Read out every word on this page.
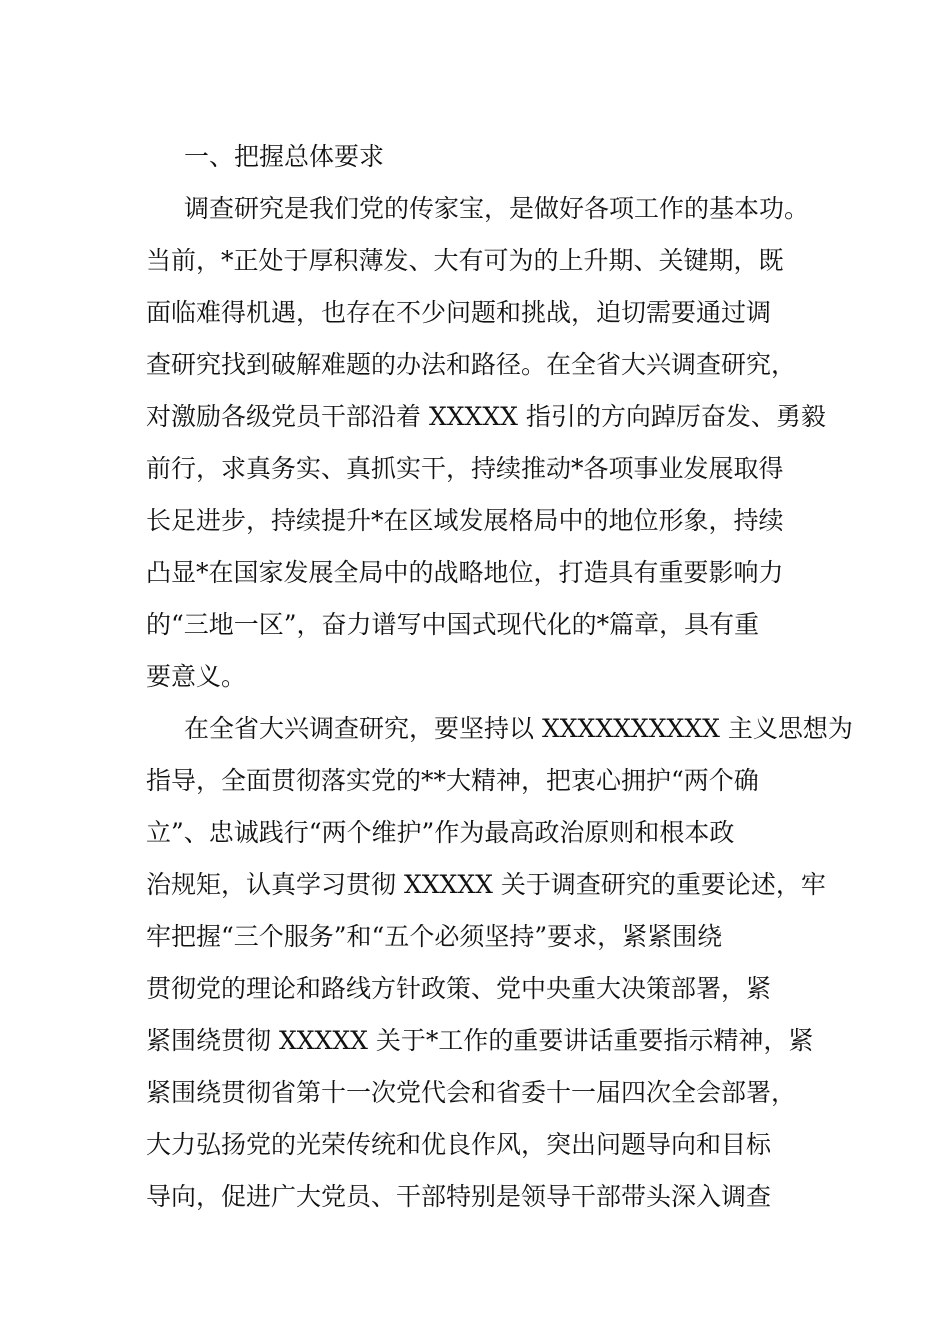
一、把握总体要求
调查研究是我们党的传家宝，是做好各项工作的基本功。
当前，*正处于厚积薄发、大有可为的上升期、关键期，既
面临难得机遇，也存在不少问题和挑战，迫切需要通过调
查研究找到破解难题的办法和路径。在全省大兴调查研究，
对激励各级党员干部沿着 XXXXX 指引的方向踔厉奋发、勇毅
前行，求真务实、真抓实干，持续推动*各项事业发展取得
长足进步，持续提升*在区域发展格局中的地位形象，持续
凸显*在国家发展全局中的战略地位，打造具有重要影响力
的“三地一区”，奋力谱写中国式现代化的*篇章，具有重
要意义。
在全省大兴调查研究，要坚持以 XXXXXXXXXX 主义思想为
指导，全面贯彻落实党的**大精神，把衷心拥护“两个确
立”、忠诚践行“两个维护”作为最高政治原则和根本政
治规矩，认真学习贯彻 XXXXX 关于调查研究的重要论述，牢
牢把握“三个服务”和“五个必须坚持”要求，紧紧围绕
贯彻党的理论和路线方针政策、党中央重大决策部署，紧
紧围绕贯彻 XXXXX 关于*工作的重要讲话重要指示精神，紧
紧围绕贯彻省第十一次党代会和省委十一届四次全会部署，
大力弘扬党的光荣传统和优良作风，突出问题导向和目标
导向，促进广大党员、干部特别是领导干部带头深入调查
